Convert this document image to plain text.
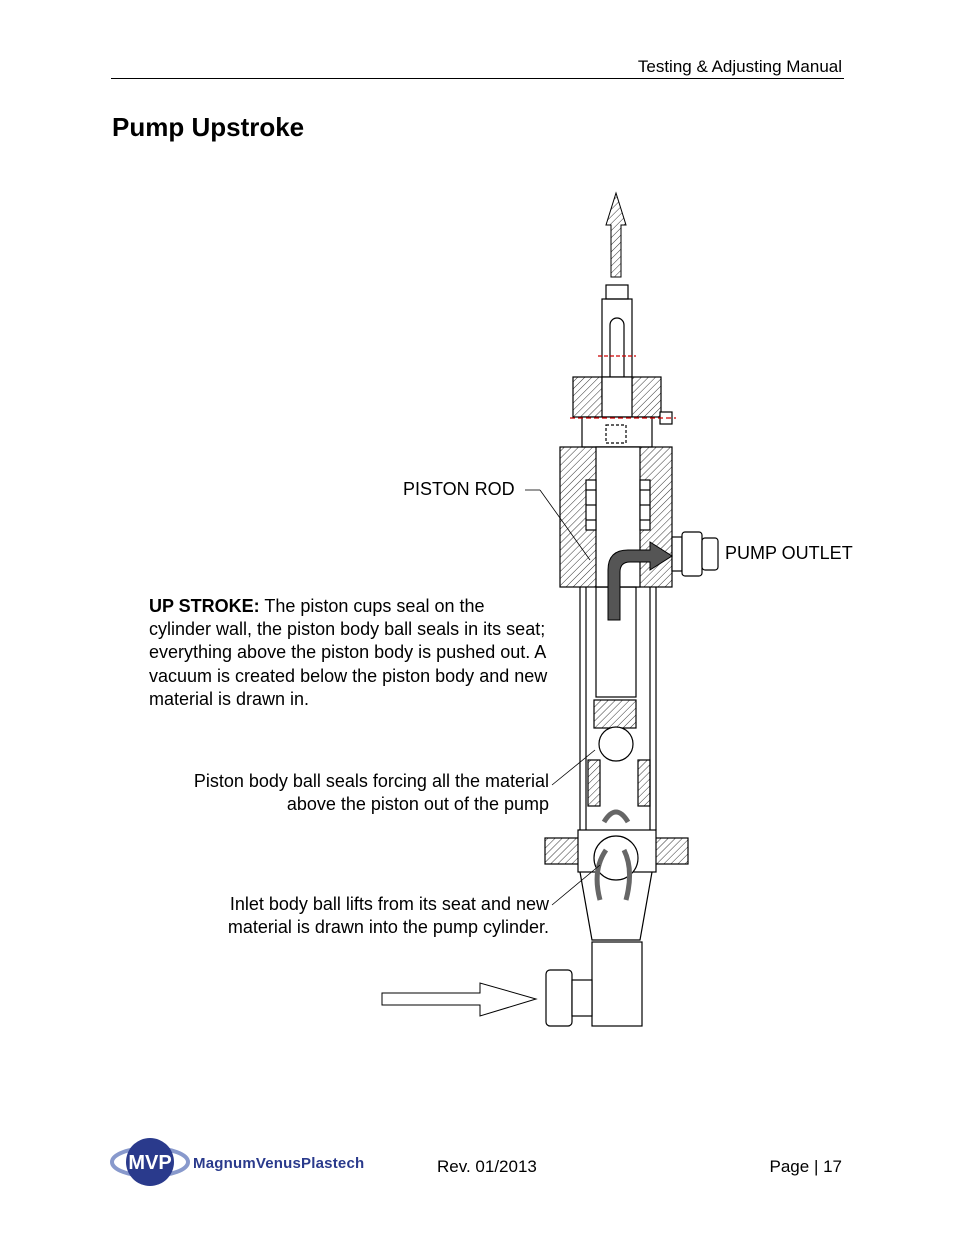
Testing & Adjusting Manual
Pump Upstroke
PISTON ROD
PUMP OUTLET
UP STROKE: The piston cups seal on the cylinder wall, the piston body ball seals in its seat; everything above the piston body is pushed out. A vacuum is created below the piston body and new material is drawn in.
Piston body ball seals forcing all the material
above the piston out of the pump
Inlet body ball lifts from its seat and new
material is drawn into the pump cylinder.
MVP MagnumVenusPlastech	Rev. 01/2013	Page | 17
